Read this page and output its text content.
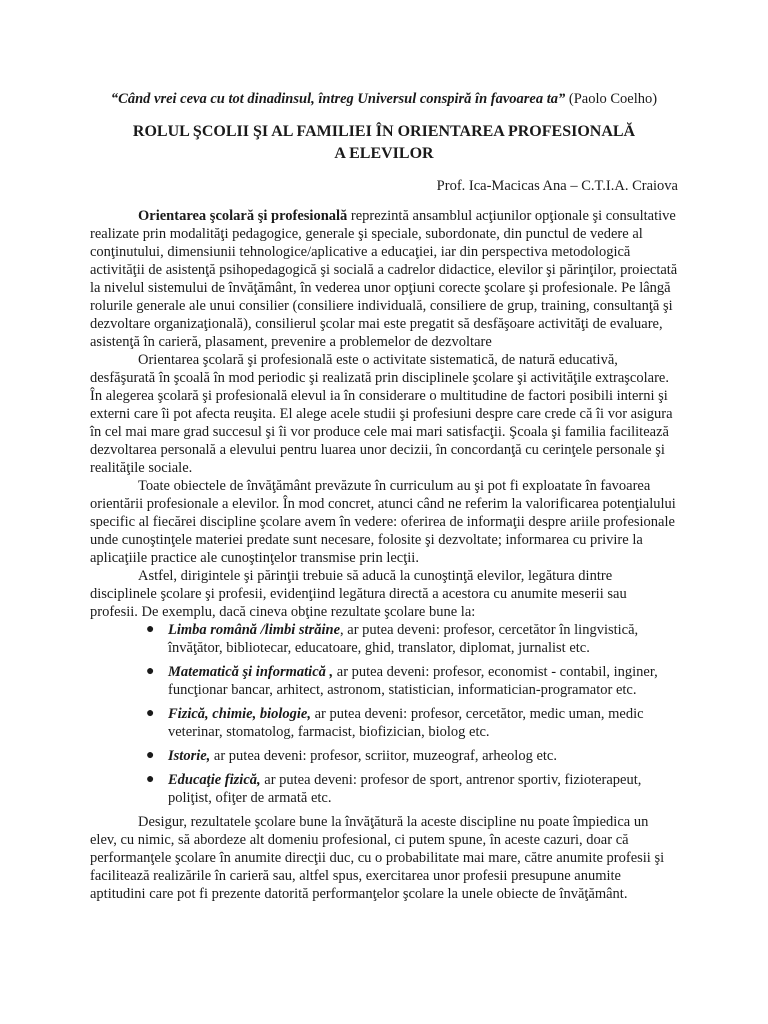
“Când vrei ceva cu tot dinadinsul, întreg Universul conspiră în favoarea ta” (Paolo Coelho)

ROLUL ŞCOLII ŞI AL FAMILIEI ÎN ORIENTAREA PROFESIONALĂ
A ELEVILOR

Prof. Ica-Macicas Ana – C.T.I.A. Craiova

Orientarea şcolară şi profesională reprezintă ansamblul acţiunilor opţionale şi consultative realizate prin modalităţi pedagogice, generale şi speciale, subordonate, din punctul de vedere al conţinutului, dimensiunii tehnologice/aplicative a educaţiei, iar din perspectiva metodologică activităţii de asistenţă psihopedagogică şi socială a cadrelor didactice, elevilor şi părinţilor, proiectată la nivelul sistemului de învăţământ, în vederea unor opţiuni corecte şcolare şi profesionale. Pe lângă rolurile generale ale unui consilier (consiliere individuală, consiliere de grup, training, consultanţă şi dezvoltare organizaţională), consilierul şcolar mai este pregatit să desfăşoare activităţi de evaluare, asistenţă în carieră, plasament, prevenire a problemelor de dezvoltare

Orientarea şcolară şi profesională este o activitate sistematică, de natură educativă, desfăşurată în şcoală în mod periodic şi realizată prin disciplinele şcolare şi activităţile extraşcolare. În alegerea şcolară şi profesională elevul ia în considerare o multitudine de factori posibili interni şi externi care îi pot afecta reuşita. El alege acele studii şi profesiuni despre care crede că îi vor asigura în cel mai mare grad succesul şi îi vor produce cele mai mari satisfacţii. Şcoala şi familia facilitează dezvoltarea personală a elevului pentru luarea unor decizii, în concordanţă cu cerinţele personale şi realităţile sociale.

Toate obiectele de învăţământ prevăzute în curriculum au şi pot fi exploatate în favoarea orientării profesionale a elevilor. În mod concret, atunci când ne referim la valorificarea potenţialului specific al fiecărei discipline şcolare avem în vedere: oferirea de informaţii despre ariile profesionale unde cunoştinţele materiei predate sunt necesare, folosite şi dezvoltate; informarea cu privire la aplicaţiile practice ale cunoştinţelor transmise prin lecţii.

Astfel, dirigintele şi părinţii trebuie să aducă la cunoştinţă elevilor, legătura dintre disciplinele şcolare şi profesii, evidenţiind legătura directă a acestora cu anumite meserii sau profesii. De exemplu, dacă cineva obţine rezultate şcolare bune la:

● Limba română /limbi străine, ar putea deveni: profesor, cercetător în lingvistică, învăţător, bibliotecar, educatoare, ghid, translator, diplomat, jurnalist etc.
● Matematică şi informatică , ar putea deveni: profesor, economist - contabil, inginer, funcţionar bancar, arhitect, astronom, statistician, informatician-programator etc.
● Fizică, chimie, biologie, ar putea deveni: profesor, cercetător, medic uman, medic veterinar, stomatolog, farmacist, biofizician, biolog etc.
● Istorie, ar putea deveni: profesor, scriitor, muzeograf, arheolog etc.
● Educaţie fizică, ar putea deveni: profesor de sport, antrenor sportiv, fizioterapeut, poliţist, ofiţer de armată etc.

Desigur, rezultatele şcolare bune la învăţătură la aceste discipline nu poate împiedica un elev, cu nimic, să abordeze alt domeniu profesional, ci putem spune, în aceste cazuri, doar că performanţele şcolare în anumite direcţii duc, cu o probabilitate mai mare, către anumite profesii şi facilitează realizările în carieră sau, altfel spus, exercitarea unor profesii presupune anumite aptitudini care pot fi prezente datorită performanţelor şcolare la unele obiecte de învăţământ.
